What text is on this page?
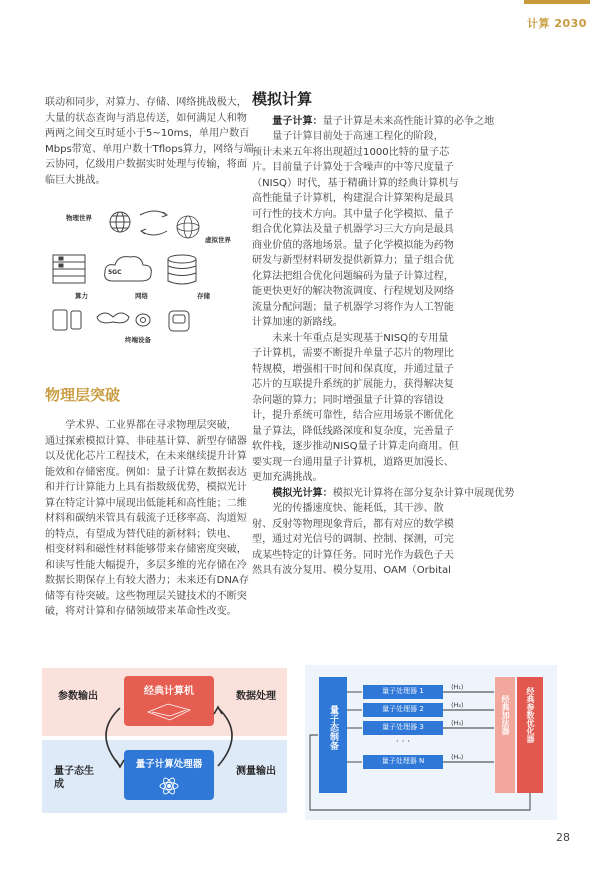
计算 2030

联动和同步，对算力、存储、网络挑战极大，

大量的状态查询与消息传送，如何满足人和物

两两之间交互时延小于5~10ms，单用户数百

Mbps带宽、单用户数十Tflops算力，网络与端

云协同，亿级用户数据实时处理与传输，将面

临巨大挑战。

物理世界
虚拟世界
5GC
算力	网络	存储
终端设备
物理层突破

学术界、工业界都在寻求物理层突破，

通过探索模拟计算、非硅基计算、新型存储器

以及优化芯片工程技术，在未来继续提升计算

能效和存储密度。例如：量子计算在数据表达

和并行计算能力上具有指数级优势，模拟光计

算在特定计算中展现出低能耗和高性能；二维

材料和碳纳米管具有载流子迁移率高、沟道短

的特点，有望成为替代硅的新材料；铁电、

相变材料和磁性材料能够带来存储密度突破，

和读写性能大幅提升，多层多维的光存储在冷

数据长期保存上有较大潜力；未来还有DNA存

储等有待突破。这些物理层关键技术的不断突

破，将对计算和存储领域带来革命性改变。

模拟计算

量子计算：量子计算是未来高性能计算的必争之地

量子计算目前处于高速工程化的阶段，

预计未来五年将出现超过1000比特的量子芯

片。目前量子计算处于含噪声的中等尺度量子

（NISQ）时代，基于精确计算的经典计算机与

高性能量子计算机，构建混合计算架构是最具

可行性的技术方向。其中量子化学模拟、量子

组合优化算法及量子机器学习三大方向是最具

商业价值的落地场景。量子化学模拟能为药物

研发与新型材料研发提供新算力；量子组合优

化算法把组合优化问题编码为量子计算过程，

能更快更好的解决物流调度、行程规划及网络

流量分配问题；量子机器学习将作为人工智能

计算加速的新路线。

未来十年重点是实现基于NISQ的专用量

子计算机，需要不断提升单量子芯片的物理比

特规模，增强相干时间和保真度，并通过量子

芯片的互联提升系统的扩展能力，获得解决复

杂问题的算力；同时增强量子计算的容错设

计，提升系统可靠性，结合应用场景不断优化

量子算法，降低线路深度和复杂度，完善量子

软件栈，逐步推动NISQ量子计算走向商用。但

要实现一台通用量子计算机，道路更加漫长、

更加充满挑战。

模拟光计算：模拟光计算将在部分复杂计算中展现优势

光的传播速度快、能耗低，其干涉、散

射、反射等物理现象背后，都有对应的数学模

型，通过对光信号的调制、控制、探测，可完

成某些特定的计算任务。同时光作为载色子天

然具有波分复用、模分复用、OAM（Orbital

经典计算机
量子计算处理器
参数输出	数据处理
量子态生成
测量输出
量子态制备
量子处理器 1
量子处理器 2
量子处理器 3
· · ·
量子处理器 N
⟨H₁⟩
⟨H₂⟩
⟨H₃⟩
⟨Hₙ⟩
经典加法器	经典参数优化器
28
